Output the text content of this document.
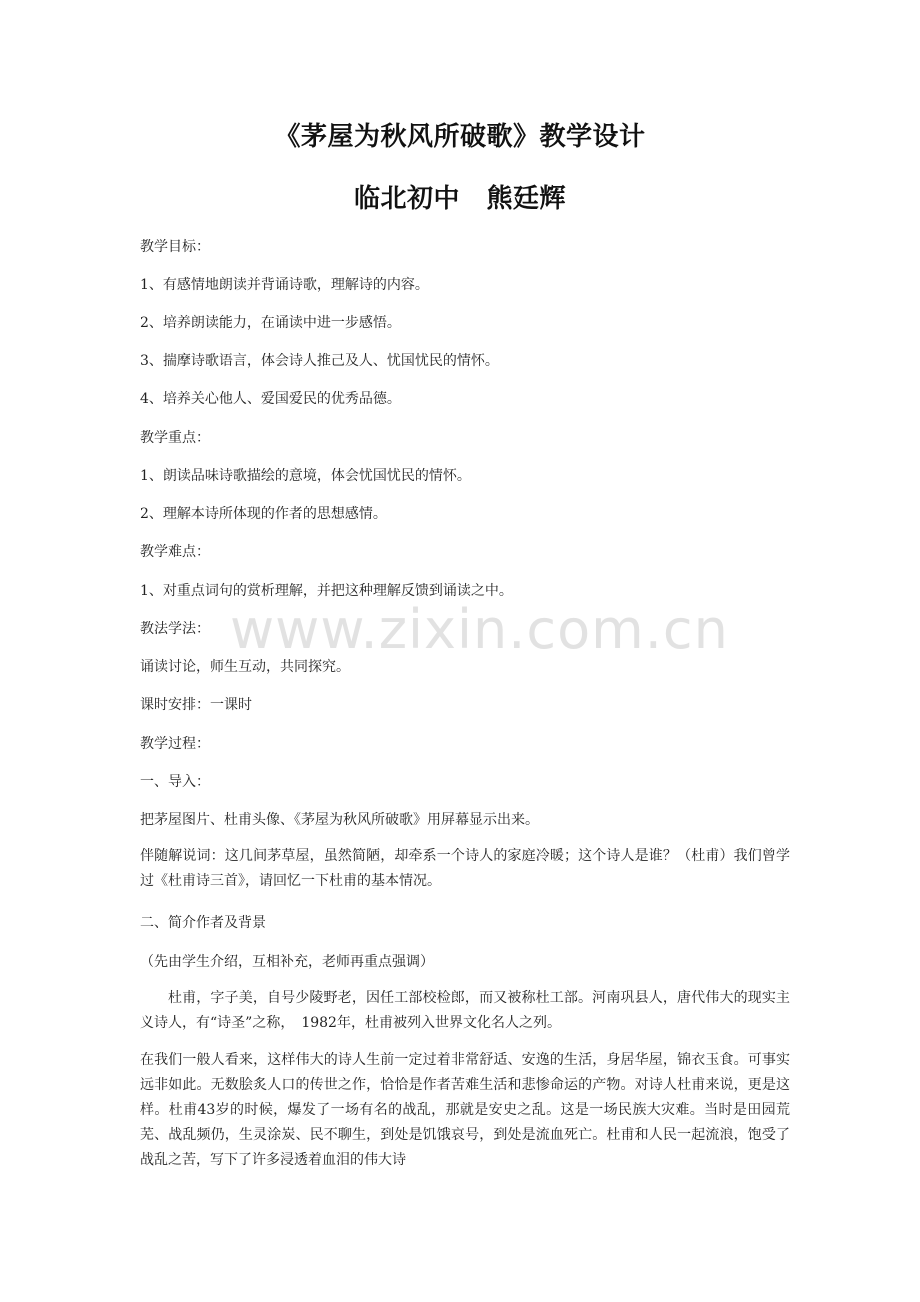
www.zixin.com.cn
《茅屋为秋风所破歌》教学设计
临北初中　熊廷辉
教学目标：
1、有感情地朗读并背诵诗歌，理解诗的内容。
2、培养朗读能力，在诵读中进一步感悟。
3、揣摩诗歌语言，体会诗人推己及人、忧国忧民的情怀。
4、培养关心他人、爱国爱民的优秀品德。
教学重点：
1、朗读品味诗歌描绘的意境，体会忧国忧民的情怀。
2、理解本诗所体现的作者的思想感情。
教学难点：
1、对重点词句的赏析理解，并把这种理解反馈到诵读之中。
教法学法：
诵读讨论，师生互动，共同探究。
课时安排：一课时
教学过程：
一、导入：
把茅屋图片、杜甫头像、《茅屋为秋风所破歌》用屏幕显示出来。
伴随解说词：这几间茅草屋，虽然简陋，却牵系一个诗人的家庭冷暖；这个诗人是谁？（杜甫）我们曾学过《杜甫诗三首》，请回忆一下杜甫的基本情况。
二、简介作者及背景
（先由学生介绍，互相补充，老师再重点强调）
杜甫，字子美，自号少陵野老，因任工部校检郎，而又被称杜工部。河南巩县人，唐代伟大的现实主义诗人，有“诗圣”之称，　1982年，杜甫被列入世界文化名人之列。
在我们一般人看来，这样伟大的诗人生前一定过着非常舒适、安逸的生活，身居华屋，锦衣玉食。可事实远非如此。无数脍炙人口的传世之作，恰恰是作者苦难生活和悲惨命运的产物。对诗人杜甫来说，更是这样。杜甫43岁的时候，爆发了一场有名的战乱，那就是安史之乱。这是一场民族大灾难。当时是田园荒芜、战乱频仍，生灵涂炭、民不聊生，到处是饥饿哀号，到处是流血死亡。杜甫和人民一起流浪，饱受了战乱之苦，写下了许多浸透着血泪的伟大诗
